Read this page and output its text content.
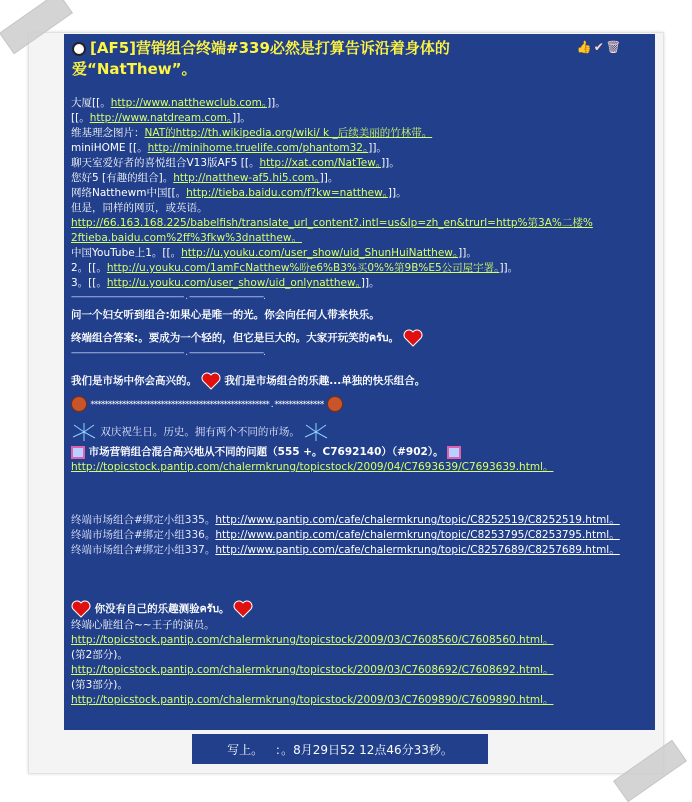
[AF5]营销组合终端#339必然是打算告诉沿着身体的爱“NatThew”。
👍 ✔ 🗑
大厦[[。http://www.natthewclub.com。]]。
[[。http://www.natdream.com。]]。
维基理念图片：NAT的http://th.wikipedia.org/wiki/ k _后续美丽的竹林带。
miniHOME [[。http://minihome.truelife.com/phantom32。]]。
聊天室爱好者的喜悦组合V13版AF5 [[。http://xat.com/NatTew。]]。
您好5 [有趣的组合]。http://natthew-af5.hi5.com。]]。
网络Natthewm中国[[。http://tieba.baidu.com/f?kw=natthew。]]。
但是，同样的网页，或英语。
http://66.163.168.225/babelfish/translate_url_content?.intl=us&lp=zh_en&trurl=http%第3A%二楼%
2ftieba.baidu.com%2ff%3fkw%3dnatthew。
中国YouTube上1。[[。http://u.youku.com/user_show/uid_ShunHuiNatthew。]]。
2。[[。http://u.youku.com/1amFcNatthew%吩e6%B3%买0%%第9B%E5公司屋宇署。]]。
3。[[。http://u.youku.com/user_show/uid_onlynatthew。]]。
-------------------------------------------------- . ---------------------------------.
问一个妇女听到组合:如果心是唯一的光。你会向任何人带来快乐。
终端组合答案:。要成为一个轻的，但它是巨大的。大家开玩笑的ครับ。
-------------------------------------------------- . ---------------------------------.
我们是市场中你会高兴的。	我们是市场组合的乐趣...单独的快乐组合。
*************************************************** . **************
双庆祝生日。历史。拥有两个不同的市场。
市场营销组合混合高兴地从不同的问题（555 +。C7692140）（#902）。
http://topicstock.pantip.com/chalermkrung/topicstock/2009/04/C7693639/C7693639.html。
终端市场组合#绑定小组335。http://www.pantip.com/cafe/chalermkrung/topic/C8252519/C8252519.html。
终端市场组合#绑定小组336。http://www.pantip.com/cafe/chalermkrung/topic/C8253795/C8253795.html。
终端市场组合#绑定小组337。http://www.pantip.com/cafe/chalermkrung/topic/C8257689/C8257689.html。
你没有自己的乐趣测验ครับ。
终端心脏组合~~王子的演员。
http://topicstock.pantip.com/chalermkrung/topicstock/2009/03/C7608560/C7608560.html。
(第2部分)。
http://topicstock.pantip.com/chalermkrung/topicstock/2009/03/C7608692/C7608692.html。
(第3部分)。
http://topicstock.pantip.com/chalermkrung/topicstock/2009/03/C7609890/C7609890.html。
写上。 ：。8月29日52 12点46分33秒。
